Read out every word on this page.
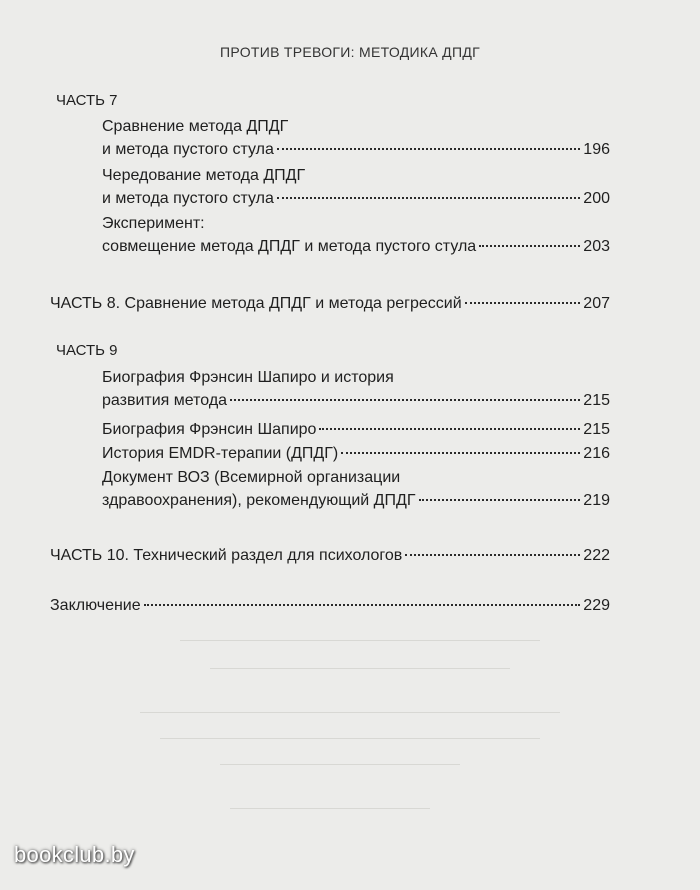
ПРОТИВ ТРЕВОГИ: МЕТОДИКА ДПДГ
ЧАСТЬ 7
Сравнение метода ДПДГ
и метода пустого стула	196
Чередование метода ДПДГ
и метода пустого стула	200
Эксперимент:
совмещение метода ДПДГ и метода пустого стула	203
ЧАСТЬ 8. Сравнение метода ДПДГ и метода регрессий	207
ЧАСТЬ 9
Биография Фрэнсин Шапиро и история
развития метода	215
Биография Фрэнсин Шапиро	215
История EMDR-терапии (ДПДГ)	216
Документ ВОЗ (Всемирной организации
здравоохранения), рекомендующий ДПДГ	219
ЧАСТЬ 10. Технический раздел для психологов	222
Заключение	229
bookclub.by
